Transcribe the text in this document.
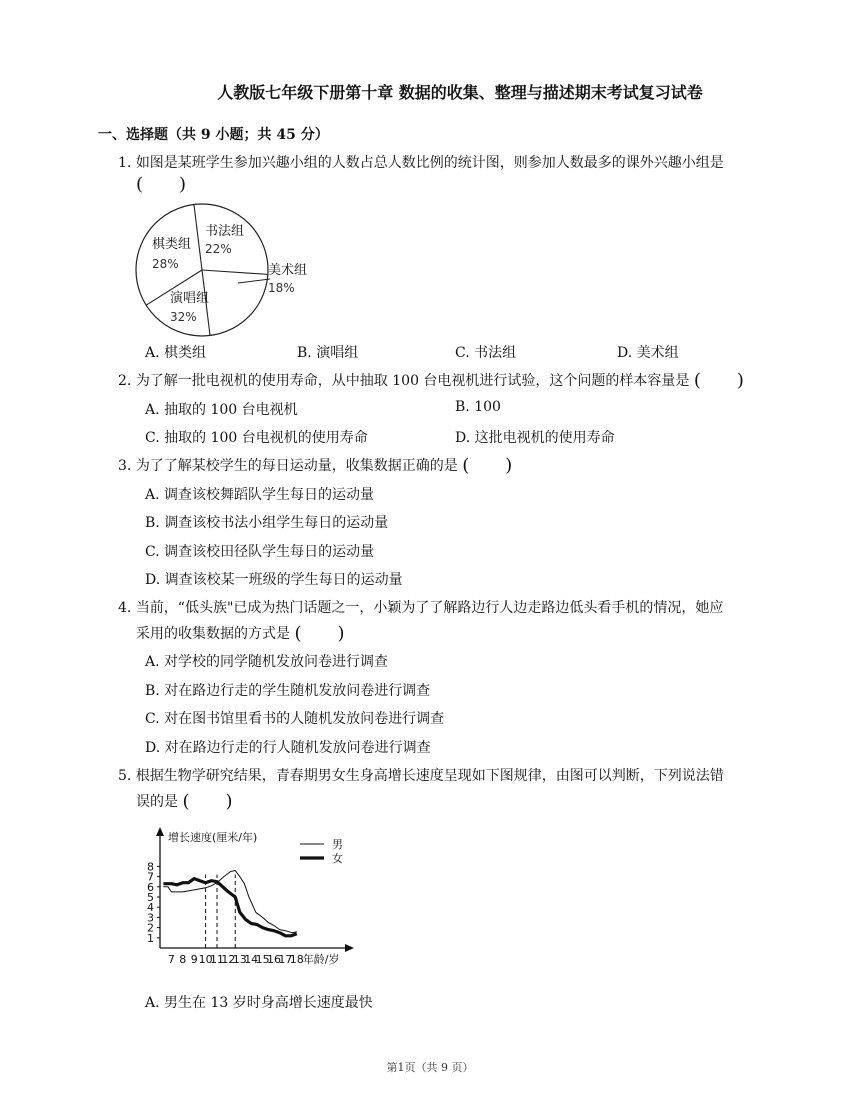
人教版七年级下册第十章 数据的收集、整理与描述期末考试复习试卷
一、选择题（共 9 小题；共 45 分）
1. 如图是某班学生参加兴趣小组的人数占总人数比例的统计图，则参加人数最多的课外兴趣小组是
(　　)
棋类组
28%
书法组
22%
美术组
18%
演唱组
32%
A. 棋类组	B. 演唱组	C. 书法组	D. 美术组
2. 为了解一批电视机的使用寿命，从中抽取 100 台电视机进行试验，这个问题的样本容量是 (　　)
A. 抽取的 100 台电视机	B. 100
C. 抽取的 100 台电视机的使用寿命	D. 这批电视机的使用寿命
3. 为了了解某校学生的每日运动量，收集数据正确的是 (　　)
A. 调查该校舞蹈队学生每日的运动量
B. 调查该校书法小组学生每日的运动量
C. 调查该校田径队学生每日的运动量
D. 调查该校某一班级的学生每日的运动量
4. 当前，“低头族"已成为热门话题之一，小颖为了了解路边行人边走路边低头看手机的情况，她应
采用的收集数据的方式是 (　　)
A. 对学校的同学随机发放问卷进行调查
B. 对在路边行走的学生随机发放问卷进行调查
C. 对在图书馆里看书的人随机发放问卷进行调查
D. 对在路边行走的行人随机发放问卷进行调查
5. 根据生物学研究结果，青春期男女生身高增长速度呈现如下图规律，由图可以判断，下列说法错
误的是 (　　)
增长速度(厘米/年)
1
2
3
4
5
6
7
8
7 8 9 10
11
12
13
14
15
16
17
18 年龄/岁
男
女
A. 男生在 13 岁时身高增长速度最快
第1页（共 9 页）
